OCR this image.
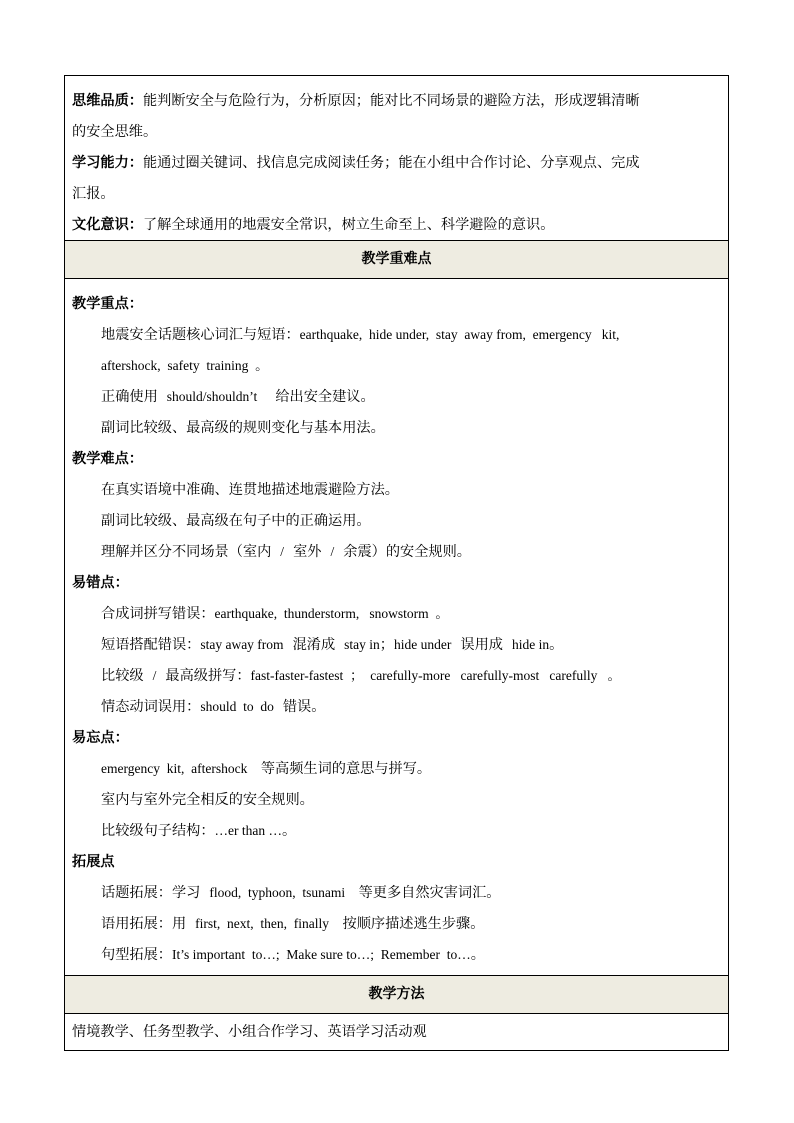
思维品质：能判断安全与危险行为，分析原因；能对比不同场景的避险方法，形成逻辑清晰
的安全思维。
学习能力：能通过圈关键词、找信息完成阅读任务；能在小组中合作讨论、分享观点、完成
汇报。
文化意识：了解全球通用的地震安全常识，树立生命至上、科学避险的意识。
教学重难点
教学重点：
地震安全话题核心词汇与短语：earthquake,  hide under,  stay  away from,  emergency   kit,
aftershock,  safety  training  。
正确使用  should/shouldn’t    给出安全建议。
副词比较级、最高级的规则变化与基本用法。
教学难点：
在真实语境中准确、连贯地描述地震避险方法。
副词比较级、最高级在句子中的正确运用。
理解并区分不同场景（室内  /  室外  /  余震）的安全规则。
易错点：
合成词拼写错误：earthquake,  thunderstorm,   snowstorm  。
短语搭配错误：stay away from  混淆成  stay in；hide under  误用成  hide in。
比较级  /  最高级拼写：fast-faster-fastest  ；  carefully-more   carefully-most   carefully   。
情态动词误用：should  to  do  错误。
易忘点：
emergency  kit,  aftershock   等高频生词的意思与拼写。
室内与室外完全相反的安全规则。
比较级句子结构：…er than …。
拓展点
话题拓展：学习  flood,  typhoon,  tsunami   等更多自然灾害词汇。
语用拓展：用  first,  next,  then,  finally   按顺序描述逃生步骤。
句型拓展：It’s important  to…;  Make sure to…;  Remember  to…。
教学方法
情境教学、任务型教学、小组合作学习、英语学习活动观
